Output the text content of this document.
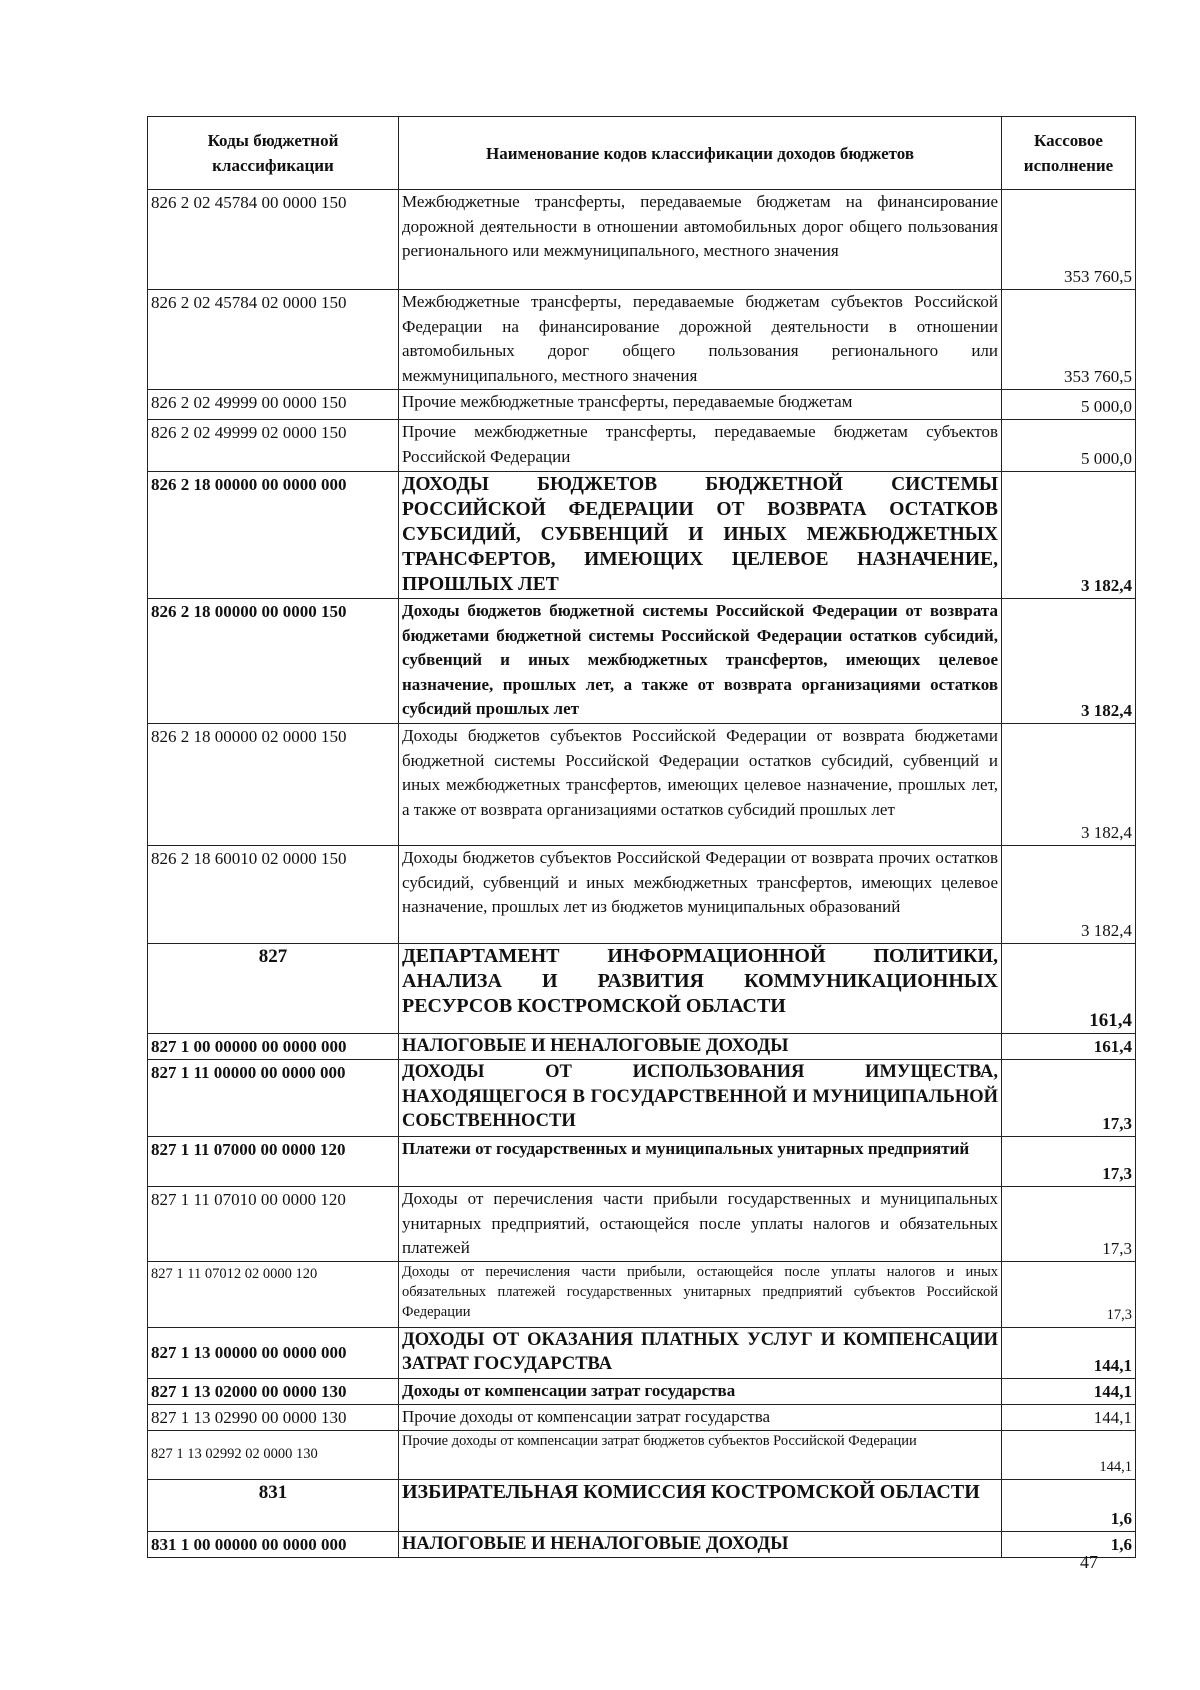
Коды бюджетной классификации	Наименование кодов классификации доходов бюджетов	Кассовое исполнение
826 2 02 45784 00 0000 150	Межбюджетные трансферты, передаваемые бюджетам на финансирование дорожной деятельности в отношении автомобильных дорог общего пользования регионального или межмуниципального, местного значения	353 760,5
826 2 02 45784 02 0000 150	Межбюджетные трансферты, передаваемые бюджетам субъектов Российской Федерации на финансирование дорожной деятельности в отношении автомобильных дорог общего пользования регионального или межмуниципального, местного значения	353 760,5
826 2 02 49999 00 0000 150	Прочие межбюджетные трансферты, передаваемые бюджетам	5 000,0
826 2 02 49999 02 0000 150	Прочие межбюджетные трансферты, передаваемые бюджетам субъектов Российской Федерации	5 000,0
826 2 18 00000 00 0000 000	ДОХОДЫ БЮДЖЕТОВ БЮДЖЕТНОЙ СИСТЕМЫ РОССИЙСКОЙ ФЕДЕРАЦИИ ОТ ВОЗВРАТА ОСТАТКОВ СУБСИДИЙ, СУБВЕНЦИЙ И ИНЫХ МЕЖБЮДЖЕТНЫХ ТРАНСФЕРТОВ, ИМЕЮЩИХ ЦЕЛЕВОЕ НАЗНАЧЕНИЕ, ПРОШЛЫХ ЛЕТ	3 182,4
826 2 18 00000 00 0000 150	Доходы бюджетов бюджетной системы Российской Федерации от возврата бюджетами бюджетной системы Российской Федерации остатков субсидий, субвенций и иных межбюджетных трансфертов, имеющих целевое назначение, прошлых лет, а также от возврата организациями остатков субсидий прошлых лет	3 182,4
826 2 18 00000 02 0000 150	Доходы бюджетов субъектов Российской Федерации от возврата бюджетами бюджетной системы Российской Федерации остатков субсидий, субвенций и иных межбюджетных трансфертов, имеющих целевое назначение, прошлых лет, а также от возврата организациями остатков субсидий прошлых лет	3 182,4
826 2 18 60010 02 0000 150	Доходы бюджетов субъектов Российской Федерации от возврата прочих остатков субсидий, субвенций и иных межбюджетных трансфертов, имеющих целевое назначение, прошлых лет из бюджетов муниципальных образований	3 182,4
827	ДЕПАРТАМЕНТ ИНФОРМАЦИОННОЙ ПОЛИТИКИ, АНАЛИЗА И РАЗВИТИЯ КОММУНИКАЦИОННЫХ РЕСУРСОВ КОСТРОМСКОЙ ОБЛАСТИ	161,4
827 1 00 00000 00 0000 000	НАЛОГОВЫЕ И НЕНАЛОГОВЫЕ ДОХОДЫ	161,4
827 1 11 00000 00 0000 000	ДОХОДЫ ОТ ИСПОЛЬЗОВАНИЯ ИМУЩЕСТВА, НАХОДЯЩЕГОСЯ В ГОСУДАРСТВЕННОЙ И МУНИЦИПАЛЬНОЙ СОБСТВЕННОСТИ	17,3
827 1 11 07000 00 0000 120	Платежи от государственных и муниципальных унитарных предприятий	17,3
827 1 11 07010 00 0000 120	Доходы от перечисления части прибыли государственных и муниципальных унитарных предприятий, остающейся после уплаты налогов и обязательных платежей	17,3
827 1 11 07012 02 0000 120	Доходы от перечисления части прибыли, остающейся после уплаты налогов и иных обязательных платежей государственных унитарных предприятий субъектов Российской Федерации	17,3
827 1 13 00000 00 0000 000	ДОХОДЫ ОТ ОКАЗАНИЯ ПЛАТНЫХ УСЛУГ И КОМПЕНСАЦИИ ЗАТРАТ ГОСУДАРСТВА	144,1
827 1 13 02000 00 0000 130	Доходы от компенсации затрат государства	144,1
827 1 13 02990 00 0000 130	Прочие доходы от компенсации затрат государства	144,1
827 1 13 02992 02 0000 130	Прочие доходы от компенсации затрат бюджетов субъектов Российской Федерации	144,1
831	ИЗБИРАТЕЛЬНАЯ КОМИССИЯ КОСТРОМСКОЙ ОБЛАСТИ	1,6
831 1 00 00000 00 0000 000	НАЛОГОВЫЕ И НЕНАЛОГОВЫЕ ДОХОДЫ	1,6
47
